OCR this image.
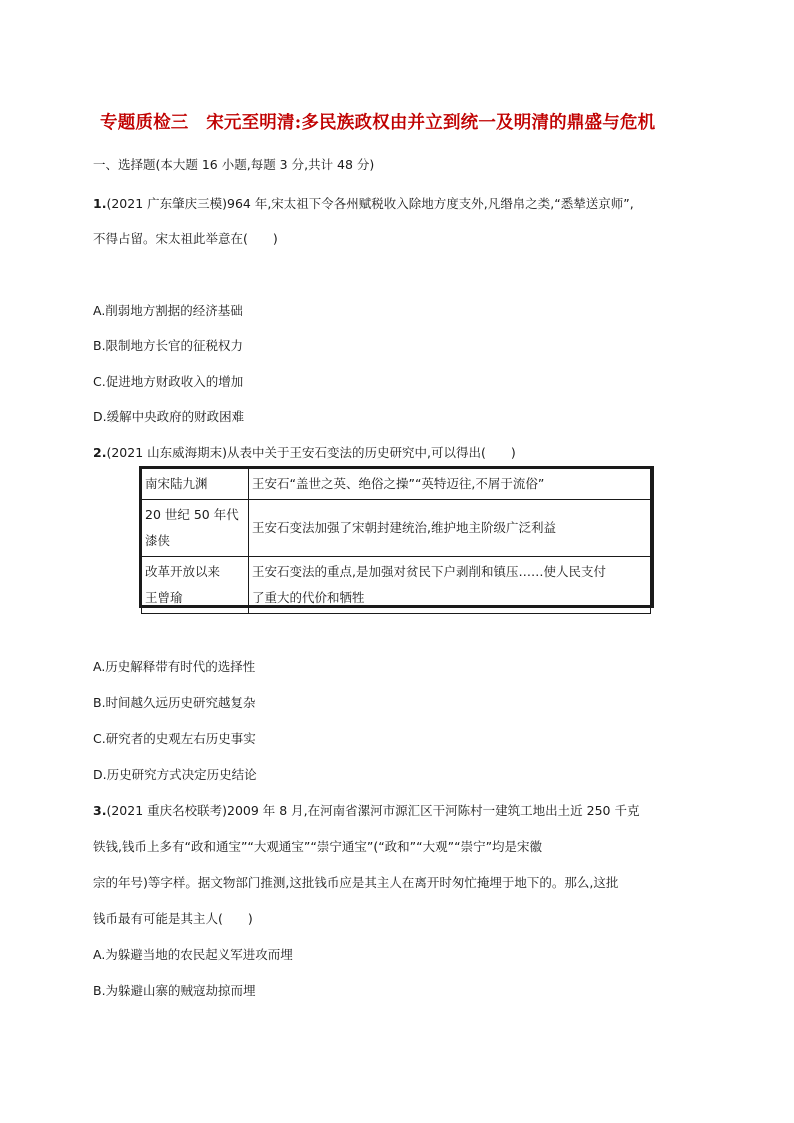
专题质检三　宋元至明清:多民族政权由并立到统一及明清的鼎盛与危机
一、选择题(本大题 16 小题,每题 3 分,共计 48 分)
1.(2021 广东肇庆三模)964 年,宋太祖下令各州赋税收入除地方度支外,凡缗帛之类,“悉辇送京师”,
不得占留。宋太祖此举意在(　　)
A.削弱地方割据的经济基础
B.限制地方长官的征税权力
C.促进地方财政收入的增加
D.缓解中央政府的财政困难
2.(2021 山东威海期末)从表中关于王安石变法的历史研究中,可以得出(　　)
南宋陆九渊	王安石“盖世之英、绝俗之操”“英特迈往,不屑于流俗”
20 世纪 50 年代
漆侠	王安石变法加强了宋朝封建统治,维护地主阶级广泛利益
改革开放以来
王曾瑜	王安石变法的重点,是加强对贫民下户剥削和镇压……使人民支付
了重大的代价和牺牲
A.历史解释带有时代的选择性
B.时间越久远历史研究越复杂
C.研究者的史观左右历史事实
D.历史研究方式决定历史结论
3.(2021 重庆名校联考)2009 年 8 月,在河南省漯河市源汇区干河陈村一建筑工地出土近 250 千克
铁钱,钱币上多有“政和通宝”“大观通宝”“崇宁通宝”(“政和”“大观”“崇宁”均是宋徽
宗的年号)等字样。据文物部门推测,这批钱币应是其主人在离开时匆忙掩埋于地下的。那么,这批
钱币最有可能是其主人(　　)
A.为躲避当地的农民起义军进攻而埋
B.为躲避山寨的贼寇劫掠而埋
